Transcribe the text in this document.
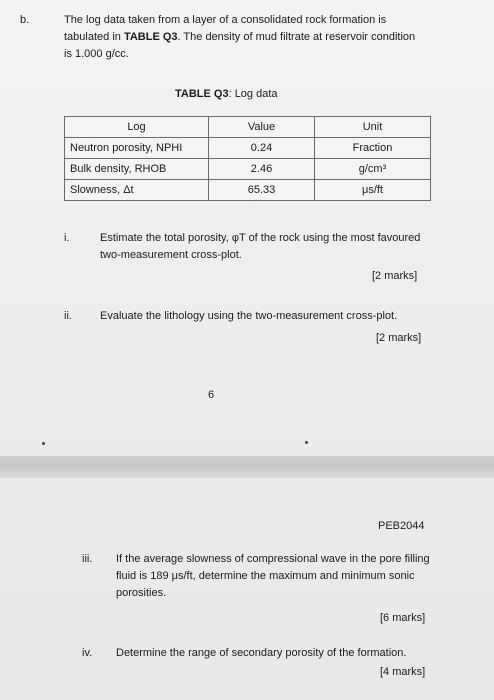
b.	The log data taken from a layer of a consolidated rock formation is
tabulated in TABLE Q3. The density of mud filtrate at reservoir condition
is 1.000 g/cc.
TABLE Q3: Log data
Log	Value	Unit
Neutron porosity, NPHI	0.24	Fraction
Bulk density, RHOB	2.46	g/cm³
Slowness, Δt	65.33	μs/ft
i.	Estimate the total porosity, φT of the rock using the most favoured
two-measurement cross-plot.
[2 marks]
ii.	Evaluate the lithology using the two-measurement cross-plot.
[2 marks]
6
PEB2044
iii. If the average slowness of compressional wave in the pore filling
fluid is 189 μs/ft, determine the maximum and minimum sonic
porosities.
[6 marks]
iv. Determine the range of secondary porosity of the formation.
[4 marks]
